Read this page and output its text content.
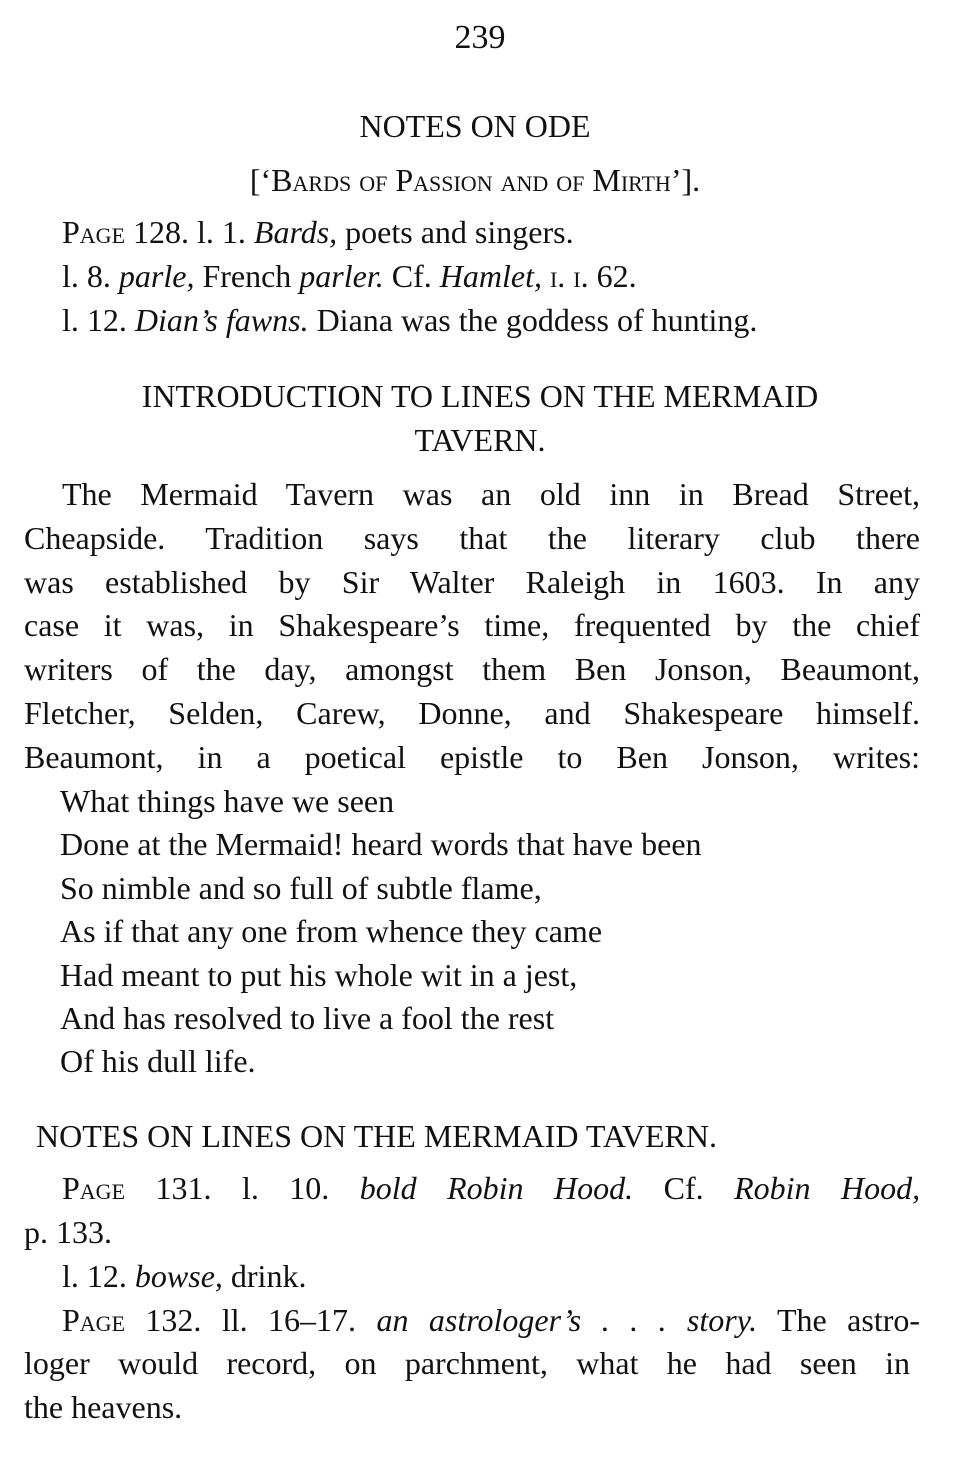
239
NOTES ON ODE
[‘Bards of Passion and of Mirth’].
Page 128. l. 1. Bards, poets and singers.
l. 8. parle, French parler. Cf. Hamlet, i. i. 62.
l. 12. Dian’s fawns. Diana was the goddess of hunting.
INTRODUCTION TO LINES ON THE MERMAID
TAVERN.
The Mermaid Tavern was an old inn in Bread Street,
Cheapside. Tradition says that the literary club there
was established by Sir Walter Raleigh in 1603. In any
case it was, in Shakespeare’s time, frequented by the chief
writers of the day, amongst them Ben Jonson, Beaumont,
Fletcher, Selden, Carew, Donne, and Shakespeare himself.
Beaumont, in a poetical epistle to Ben Jonson, writes:
What things have we seen
Done at the Mermaid! heard words that have been
So nimble and so full of subtle flame,
As if that any one from whence they came
Had meant to put his whole wit in a jest,
And has resolved to live a fool the rest
Of his dull life.
NOTES ON LINES ON THE MERMAID TAVERN.
Page 131. l. 10. bold Robin Hood. Cf. Robin Hood,
p. 133.
l. 12. bowse, drink.
Page 132. ll. 16–17. an astrologer’s . . . story. The astro-
loger would record, on parchment, what he had seen in
the heavens.
